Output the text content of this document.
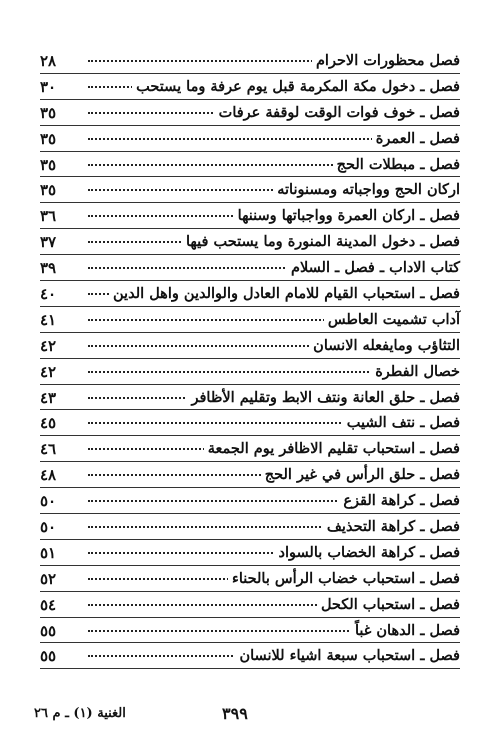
فصل محظورات الاحرام
٢٨
فصل ـ دخول مكة المكرمة قبل يوم عرفة وما يستحب
٣٠
فصل ـ خوف فوات الوقت لوقفة عرفات
٣٥
فصل ـ العمرة
٣٥
فصل ـ مبطلات الحج
٣٥
اركان الحج وواجباته ومسنوناته
٣٥
فصل ـ اركان العمرة وواجباتها وسننها
٣٦
فصل ـ دخول المدينة المنورة وما يستحب فيها
٣٧
كتاب الاداب ـ فصل ـ السلام
٣٩
فصل ـ استحباب القيام للامام العادل والوالدين واهل الدين
٤٠
آداب تشميت العاطس
٤١
التثاؤب ومايفعله الانسان
٤٢
خصال الفطرة
٤٢
فصل ـ حلق العانة ونتف الابط وتقليم الأظافر
٤٣
فصل ـ نتف الشيب
٤٥
فصل ـ استحباب تقليم الاظافر يوم الجمعة
٤٦
فصل ـ حلق الرأس في غير الحج
٤٨
فصل ـ كراهة القزع
٥٠
فصل ـ كراهة التحذيف
٥٠
فصل ـ كراهة الخضاب بالسواد
٥١
فصل ـ استحباب خضاب الرأس بالحناء
٥٢
فصل ـ استحباب الكحل
٥٤
فصل ـ الدهان غباً
٥٥
فصل ـ استحباب سبعة اشياء للانسان
٥٥
٣٩٩
الغنية (١) ـ م ٢٦
